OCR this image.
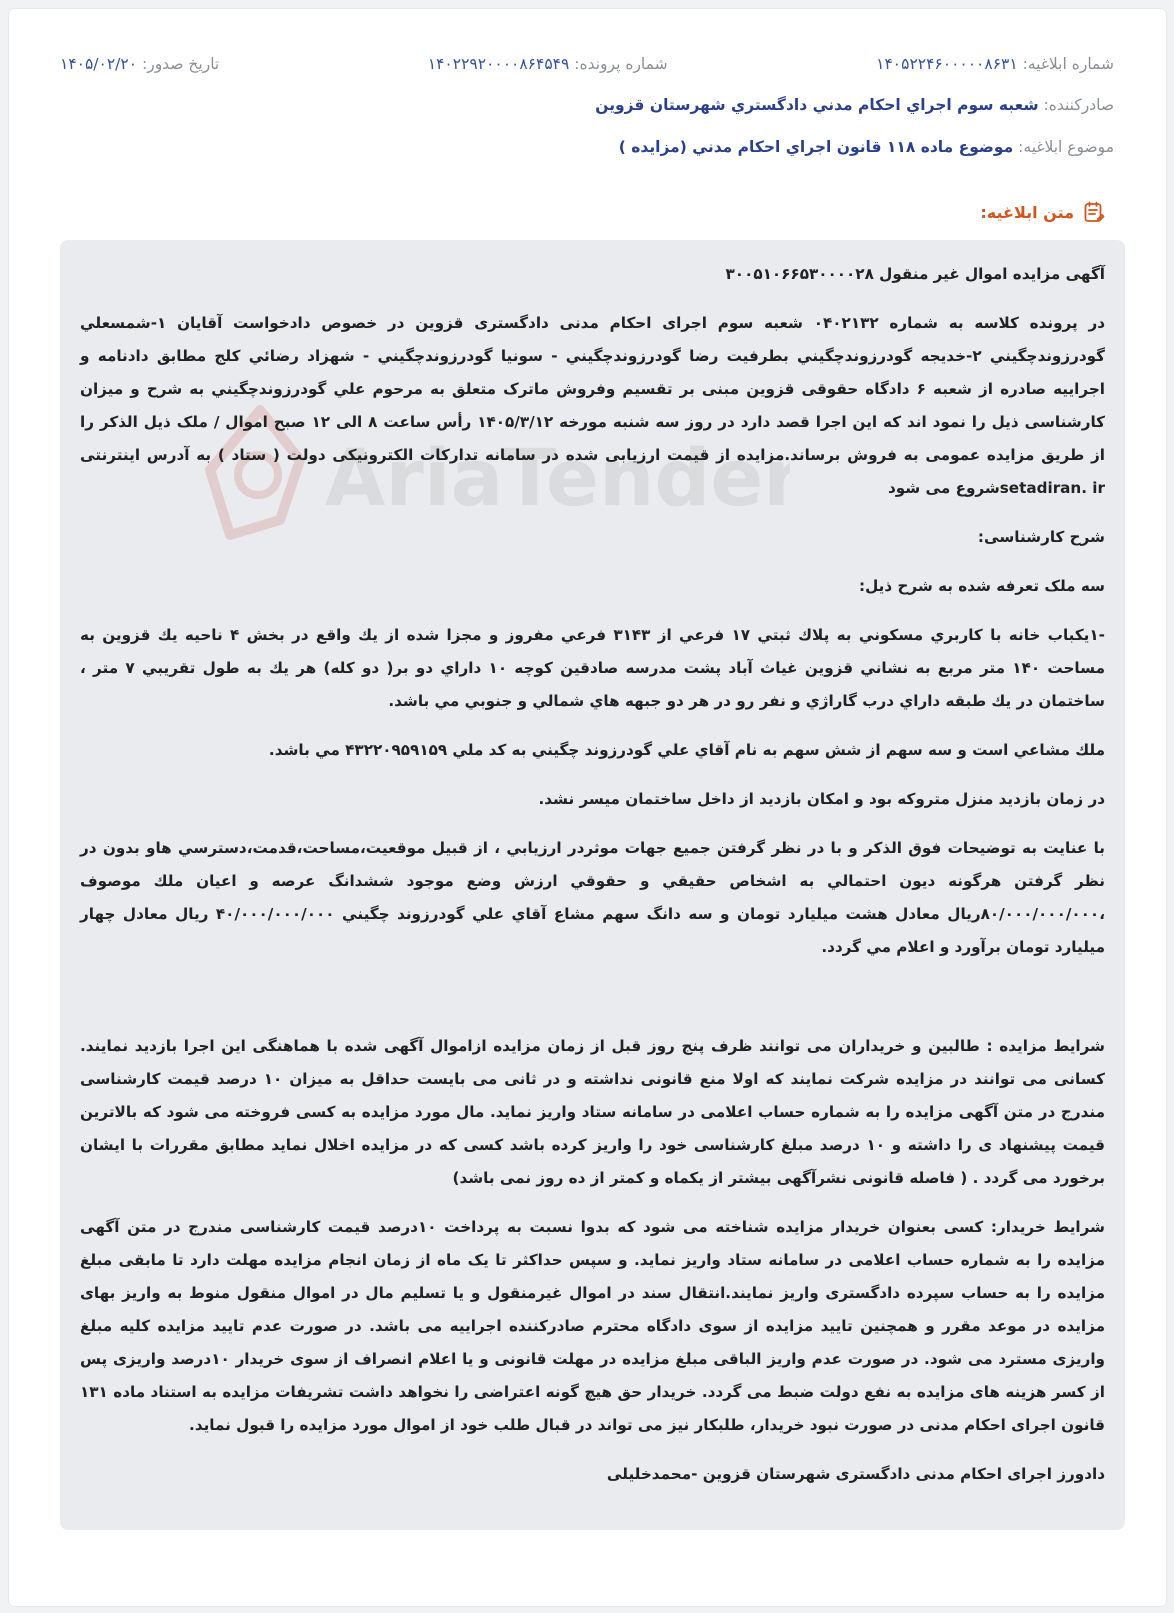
شماره ابلاغيه: ۱۴۰۵۲۲۴۶۰۰۰۰۰۸۶۳۱
شماره پرونده: ۱۴۰۲۲۹۲۰۰۰۰۸۶۴۵۴۹
تاريخ صدور: ۱۴۰۵/۰۲/۲۰
صادرکننده: شعبه سوم اجراي احكام مدني دادگستري شهرستان قزوين
موضوع ابلاغيه: موضوع ماده ۱۱۸ قانون اجراي احكام مدني (مزايده )
متن ابلاغيه:

آگهی مزایده اموال غیر منقول ۳۰۰۵۱۰۶۶۵۳۰۰۰۰۲۸

در پرونده کلاسه به شماره ۰۴۰۲۱۳۲ شعبه سوم اجرای احکام مدنی دادگستری قزوین در خصوص دادخواست آقایان ۱-شمسعلي گودرزوندچگيني ۲-خديجه گودرزوندچگيني بطرفيت رضا گودرزوندچگيني - سونيا گودرزوندچگيني - شهزاد رضائي كلج مطابق دادنامه و اجراييه صادره از شعبه ۶ دادگاه حقوقی قزوین مبنی بر تقسیم وفروش ماترک متعلق به مرحوم علي گودرزوندچگيني به شرح و میزان کارشناسی ذیل را نمود اند که این اجرا قصد دارد در روز سه شنبه مورخه ۱۴۰۵/۳/۱۲ رأس ساعت ۸ الی ۱۲ صبح اموال / ملک ذیل الذکر را از طریق مزایده عمومی به فروش برساند.مزایده از قیمت ارزیابی شده در سامانه تدارکات الکترونیکی دولت ( ستاد ) به آدرس اینترنتی setadiran. irشروع می شود

شرح کارشناسی:

سه ملک تعرفه شده به شرح ذیل:

-۱يكباب خانه با كاربري مسكوني به پلاك ثبتي ۱۷ فرعي از ۳۱۴۳ فرعي مفروز و مجزا شده از يك واقع در بخش ۴ ناحيه يك قزوين به مساحت ۱۴۰ متر مربع به نشاني قزوين غياث آباد پشت مدرسه صادقين كوچه ۱۰ داراي دو بر( دو كله) هر يك به طول تقريبي ۷ متر ، ساختمان در يك طبقه داراي درب گاراژي و نفر رو در هر دو جبهه هاي شمالي و جنوبي مي باشد.

ملك مشاعي است و سه سهم از شش سهم به نام آقاي علي گودرزوند چگيني به كد ملي ۴۳۲۲۰۹۵۹۱۵۹ مي باشد.

در زمان بازديد منزل متروكه بود و امكان بازديد از داخل ساختمان ميسر نشد.

با عنايت به توضيحات فوق الذكر و با در نظر گرفتن جميع جهات موثردر ارزيابي ، از قبيل موقعيت،مساحت،قدمت،دسترسي هاو بدون در نظر گرفتن هرگونه ديون احتمالي به اشخاص حقيقي و حقوقي ارزش وضع موجود ششدانگ عرصه و اعيان ملك موصوف ،۸۰/۰۰۰/۰۰۰/۰۰۰ريال معادل هشت ميليارد تومان و سه دانگ سهم مشاع آقاي علي گودرزوند چگيني ۴۰/۰۰۰/۰۰۰/۰۰۰ ريال معادل چهار ميليارد تومان برآورد و اعلام مي گردد.

شرایط مزایده : طالبین و خریداران می توانند ظرف پنج روز قبل از زمان مزایده ازاموال آگهی شده با هماهنگی این اجرا بازدید نمایند. کسانی می توانند در مزایده شرکت نمایند که اولا منع قانونی نداشته و در ثانی می بایست حداقل به میزان ۱۰ درصد قیمت کارشناسی مندرج در متن آگهی مزایده را به شماره حساب اعلامی در سامانه ستاد واریز نماید. مال مورد مزایده به کسی فروخته می شود که بالاترین قیمت پیشنهاد ی را داشته و ۱۰ درصد مبلغ کارشناسی خود را واریز کرده باشد کسی که در مزایده اخلال نماید مطابق مقررات با ایشان برخورد می گردد . ( فاصله قانونی نشرآگهی بیشتر از یکماه و کمتر از ده روز نمی باشد)

شرایط خریدار: کسی بعنوان خریدار مزایده شناخته می شود که بدوا نسبت به پرداخت ۱۰درصد قیمت کارشناسی مندرج در متن آگهی مزایده را به شماره حساب اعلامی در سامانه ستاد واریز نماید. و سپس حداکثر تا یک ماه از زمان انجام مزایده مهلت دارد تا مابقی مبلغ مزایده را به حساب سپرده دادگستری واریز نمایند.انتقال سند در اموال غیرمنقول و یا تسلیم مال در اموال منقول منوط به واریز بهای مزایده در موعد مقرر و همچنین تایید مزایده از سوی دادگاه محترم صادرکننده اجراییه می باشد. در صورت عدم تایید مزایده کلیه مبلغ واریزی مسترد می شود. در صورت عدم واریز الباقی مبلغ مزایده در مهلت قانونی و یا اعلام انصراف از سوی خریدار ۱۰درصد واریزی پس از کسر هزینه های مزایده به نفع دولت ضبط می گردد. خریدار حق هیچ گونه اعتراضی را نخواهد داشت تشریفات مزایده به استناد ماده ۱۳۱ قانون اجرای احکام مدنی در صورت نبود خریدار، طلبکار نیز می تواند در قبال طلب خود از اموال مورد مزایده را قبول نماید.

دادورز اجرای احکام مدنی دادگستری شهرستان قزوین -محمدخلیلی
